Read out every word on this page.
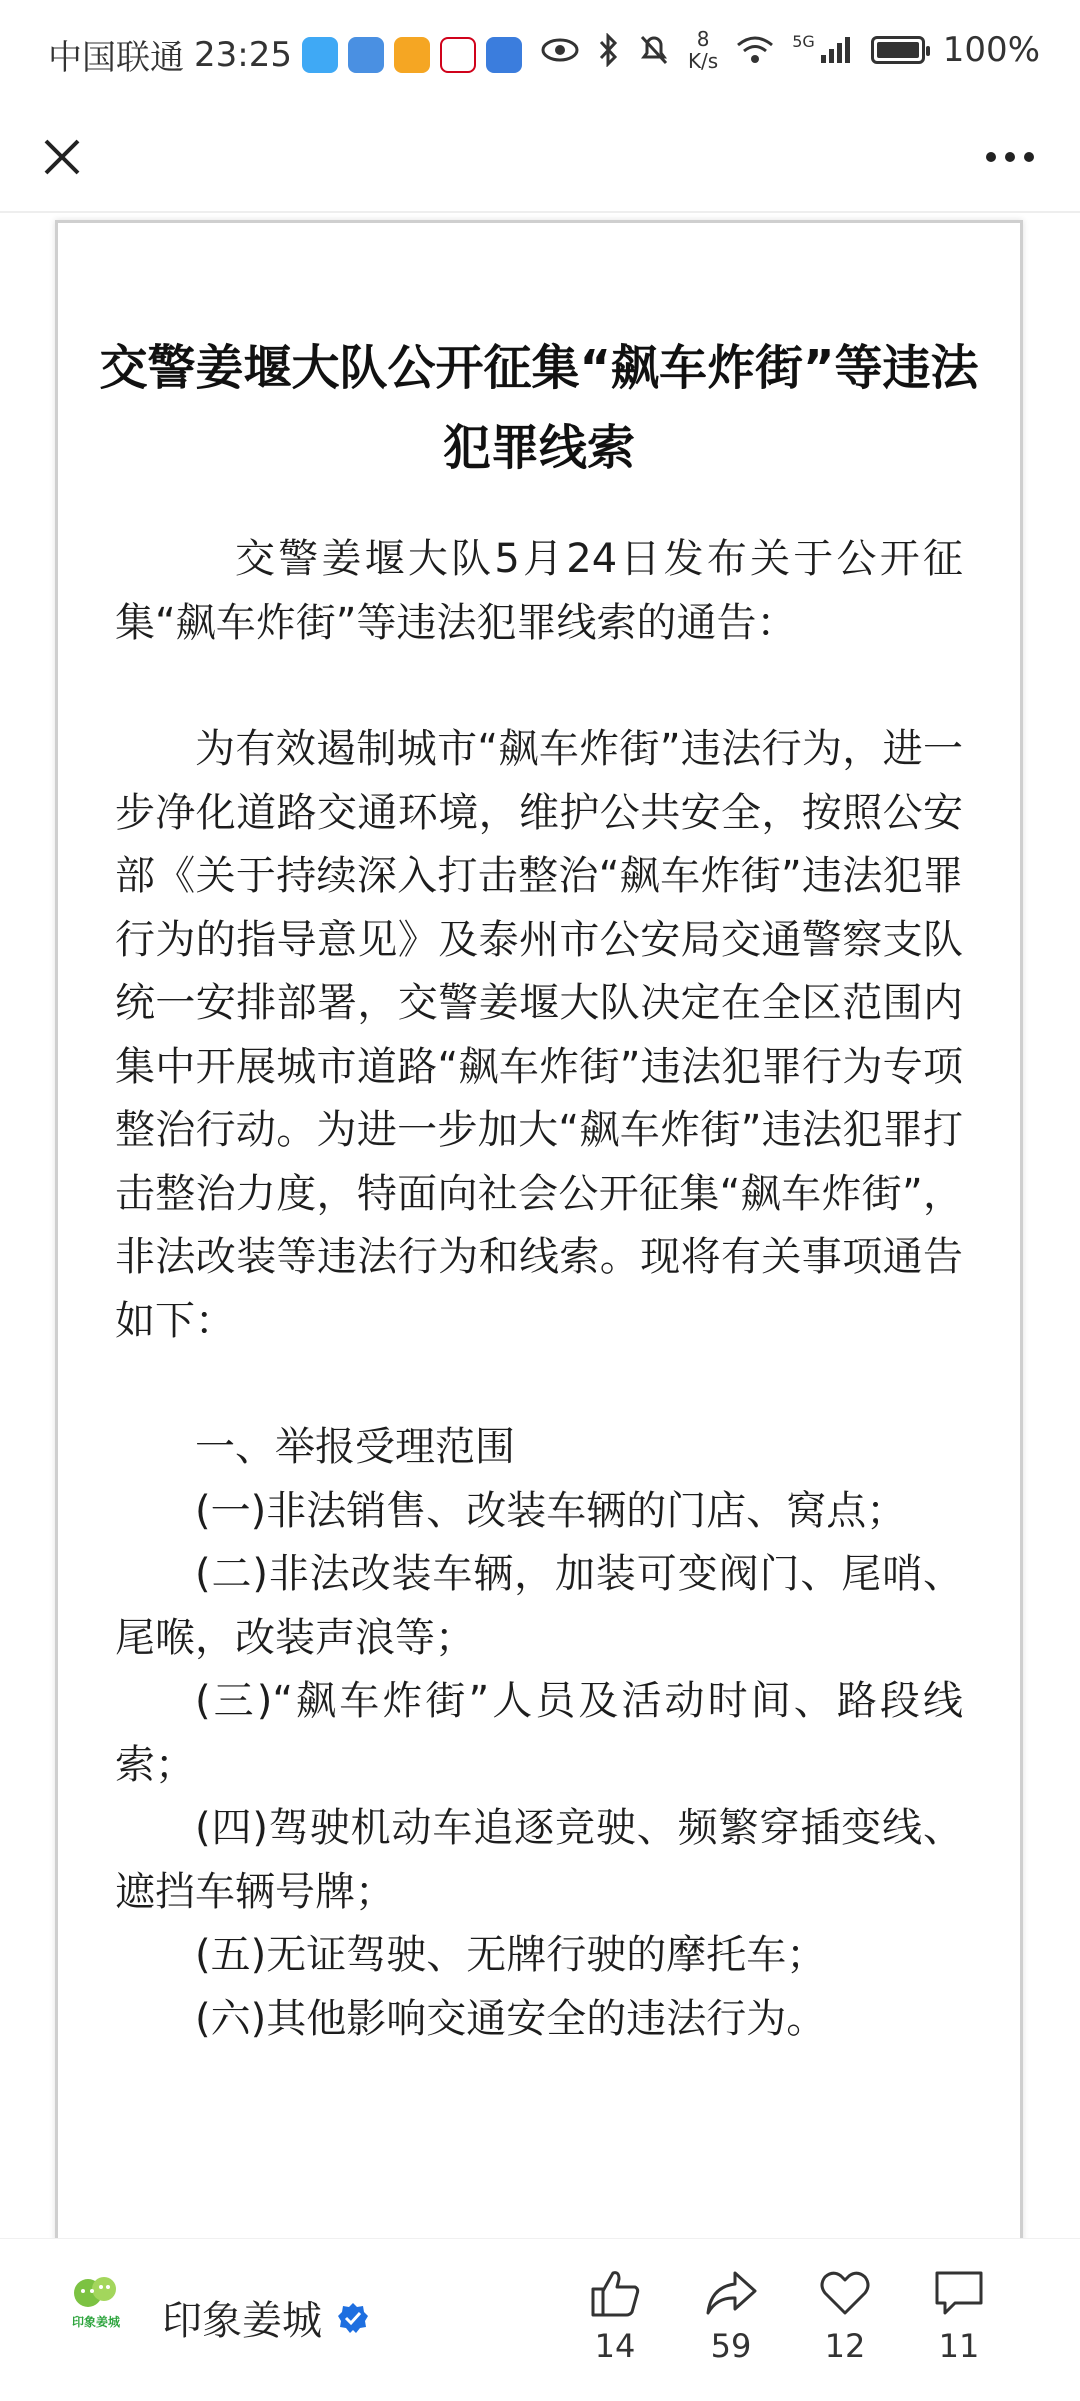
中国联通 23:25	8
K/s
5G	100%
交警姜堰大队公开征集“飙车炸街”等违法犯罪线索

交警姜堰大队5月24日发布关于公开征集“飙车炸街”等违法犯罪线索的通告：

为有效遏制城市“飙车炸街”违法行为，进一步净化道路交通环境，维护公共安全，按照公安部《关于持续深入打击整治“飙车炸街”违法犯罪行为的指导意见》及泰州市公安局交通警察支队统一安排部署，交警姜堰大队决定在全区范围内集中开展城市道路“飙车炸街”违法犯罪行为专项整治行动。为进一步加大“飙车炸街”违法犯罪打击整治力度，特面向社会公开征集“飙车炸街”，非法改装等违法行为和线索。现将有关事项通告如下：

一、举报受理范围

(一)非法销售、改装车辆的门店、窝点；

(二)非法改装车辆，加装可变阀门、尾哨、尾喉，改装声浪等；

(三)“飙车炸街”人员及活动时间、路段线索；

(四)驾驶机动车追逐竞驶、频繁穿插变线、遮挡车辆号牌；

(五)无证驾驶、无牌行驶的摩托车；

(六)其他影响交通安全的违法行为。

印象姜城 印象姜城
14 59 12 11
